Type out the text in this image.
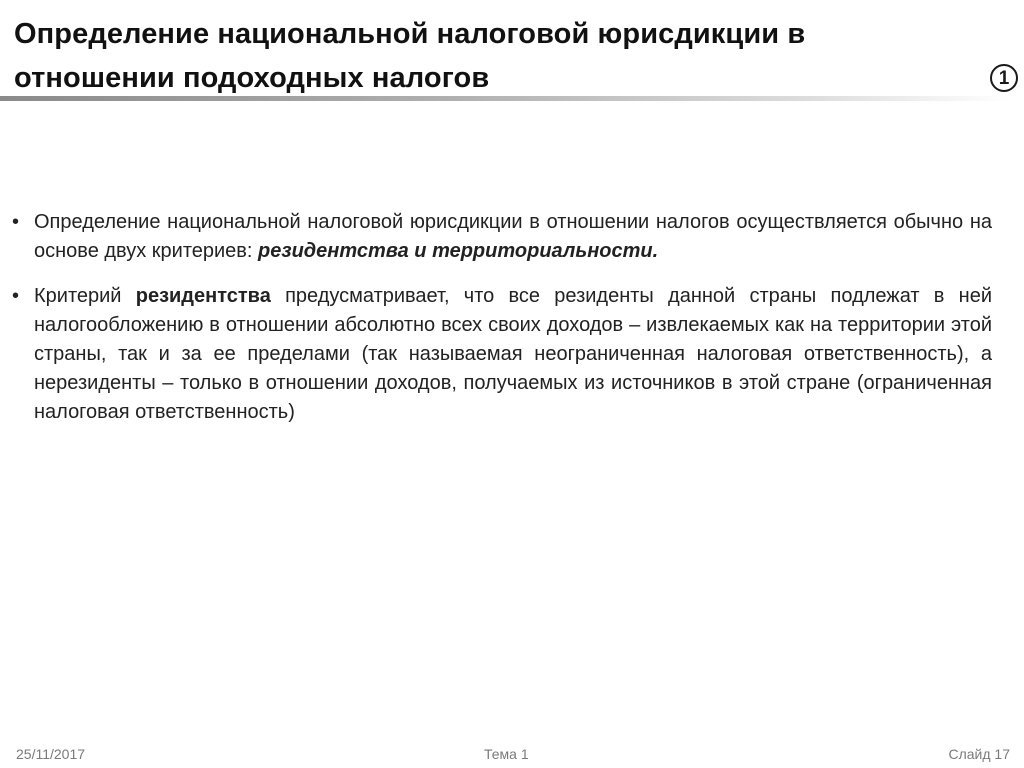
Определение национальной налоговой юрисдикции в отношении подоходных налогов	1
• Определение национальной налоговой юрисдикции в отношении налогов осуществляется обычно на основе двух критериев: резидентства и территориальности.
• Критерий резидентства предусматривает, что все резиденты данной страны подлежат в ней налогообложению в отношении абсолютно всех своих доходов – извлекаемых как на территории этой страны, так и за ее пределами (так называемая неограниченная налоговая ответственность), а нерезиденты – только в отношении доходов, получаемых из источников в этой стране (ограниченная налоговая ответственность)
25/11/2017	Тема 1	Слайд 17
